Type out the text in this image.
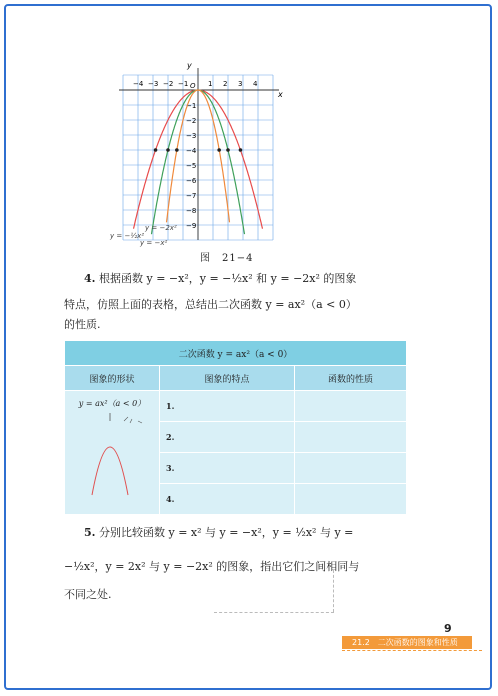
−4 −3 −2 −1	1 2 3 4
−1
−2
−3
−4
−5
−6
−7
−8
−9
x
y
O
y = −½x²
y = −x²
y = −2x²
图　21−4
4. 根据函数 y = −x²，y = −½x² 和 y = −2x² 的图象
特点，仿照上面的表格，总结出二次函数 y = ax²（a < 0）
的性质.
二次函数 y = ax²（a < 0）		
图象的形状	图象的特点	函数的性质

y = ax²（a < 0）	1.	
	2.	
	3.	
	4.	
5. 分别比较函数 y = x² 与 y = −x²，y = ½x² 与 y =
−½x²，y = 2x² 与 y = −2x² 的图象，指出它们之间相同与
不同之处.
9
21.2　二次函数的图象和性质
